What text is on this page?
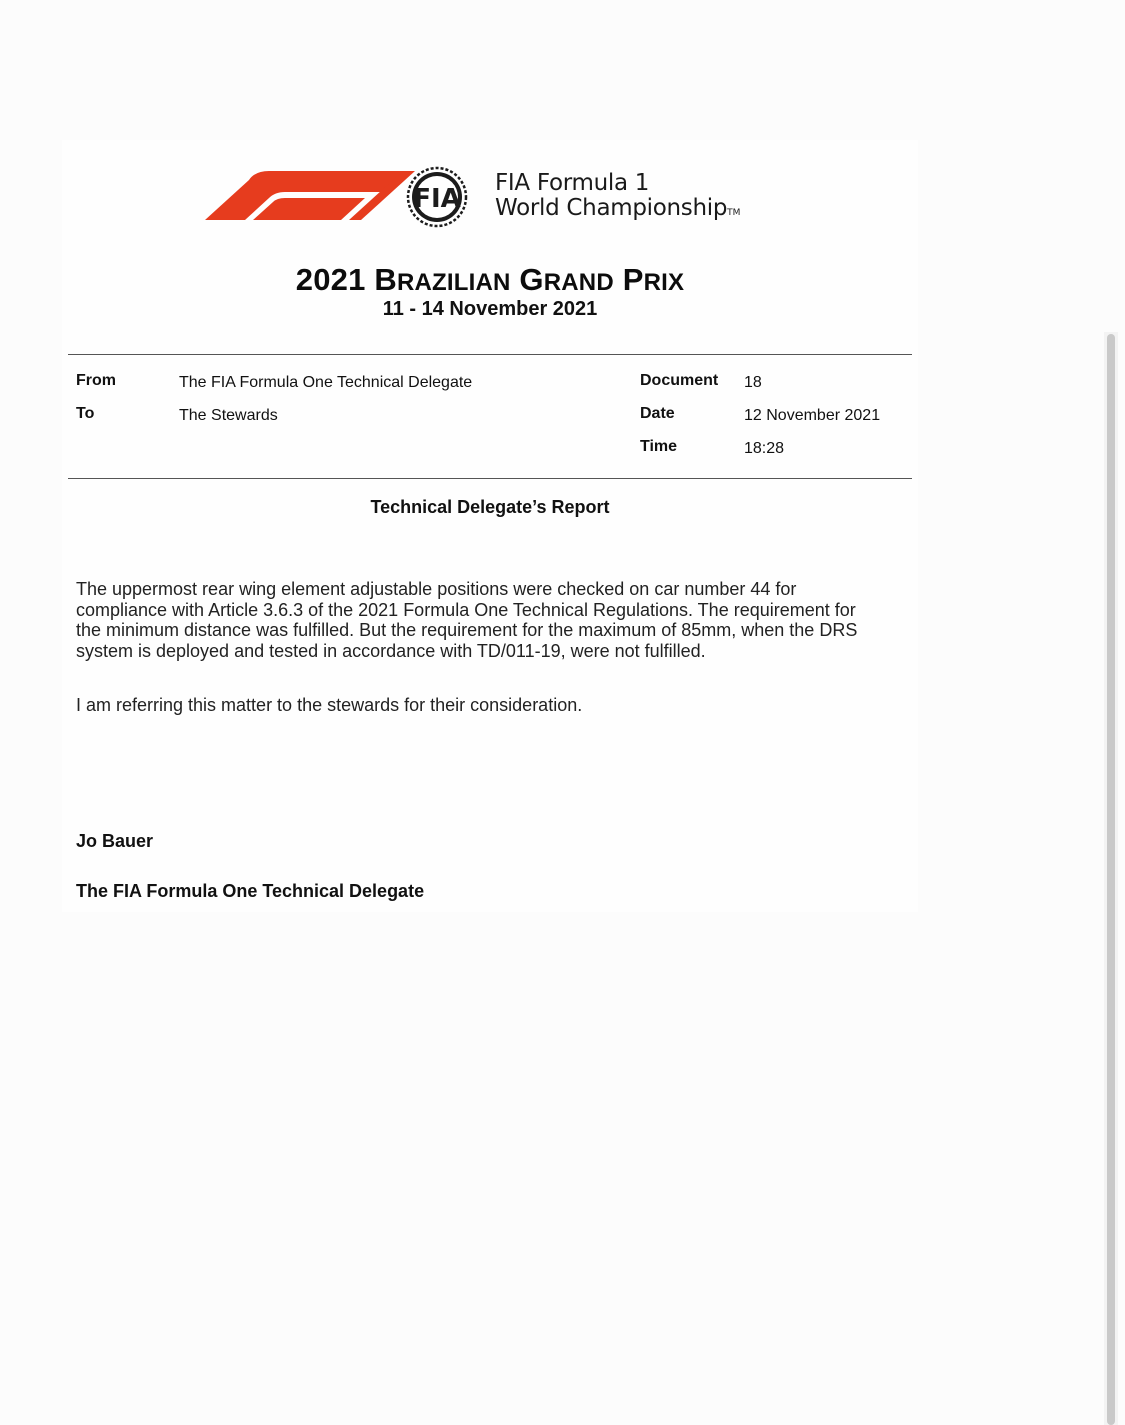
FIA
FIA Formula 1
World ChampionshipTM
2021 BRAZILIAN GRAND PRIX
11 - 14 November 2021
From	The FIA Formula One Technical Delegate
To	The Stewards
Document 18
Date	12 November 2021
Time	18:28
Technical Delegate’s Report
The uppermost rear wing element adjustable positions were checked on car number 44 for
compliance with Article 3.6.3 of the 2021 Formula One Technical Regulations. The requirement for
the minimum distance was fulfilled. But the requirement for the maximum of 85mm, when the DRS
system is deployed and tested in accordance with TD/011-19, were not fulfilled.
I am referring this matter to the stewards for their consideration.
Jo Bauer
The FIA Formula One Technical Delegate
